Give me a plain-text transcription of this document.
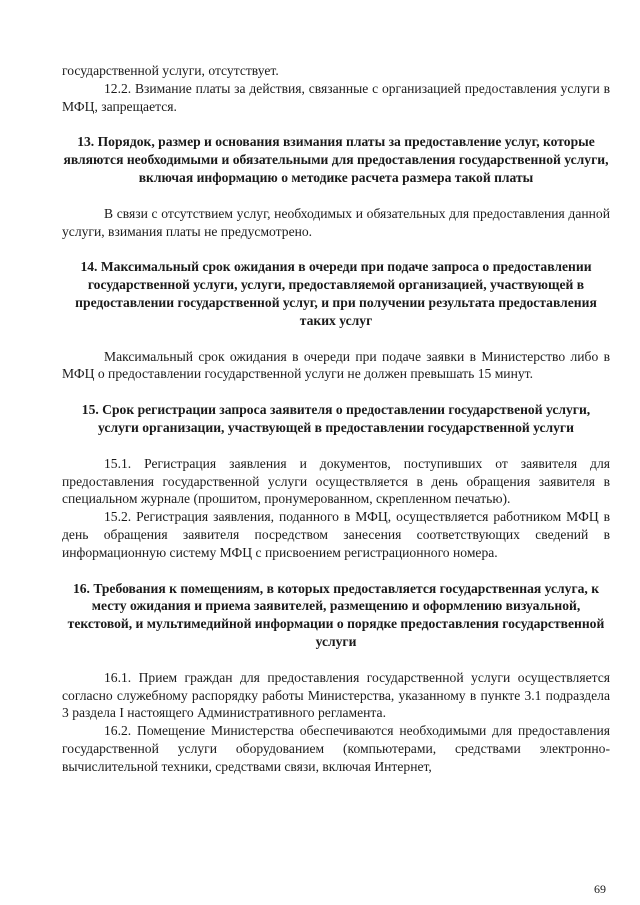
государственной услуги, отсутствует.

12.2. Взимание платы за действия, связанные с организацией предоставления услуги в МФЦ, запрещается.

13. Порядок, размер и основания взимания платы за предоставление услуг, которые являются необходимыми и обязательными для предоставления государственной услуги, включая информацию о методике расчета размера такой платы

В связи с отсутствием услуг, необходимых и обязательных для предоставления данной услуги, взимания платы не предусмотрено.

14. Максимальный срок ожидания в очереди при подаче запроса о предоставлении государственной услуги, услуги, предоставляемой организацией, участвующей в предоставлении государственной услуг, и при получении результата предоставления таких услуг

Максимальный срок ожидания в очереди при подаче заявки в Министерство либо в МФЦ о предоставлении государственной услуги не должен превышать 15 минут.

15. Срок регистрации запроса заявителя о предоставлении государственой услуги, услуги организации, участвующей в предоставлении государственной услуги

15.1. Регистрация заявления и документов, поступивших от заявителя для предоставления государственной услуги осуществляется в день обращения заявителя в специальном журнале (прошитом, пронумерованном, скрепленном печатью).

15.2. Регистрация заявления, поданного в МФЦ, осуществляется работником МФЦ в день обращения заявителя посредством занесения соответствующих сведений в информационную систему МФЦ с присвоением регистрационного номера.

16. Требования к помещениям, в которых предоставляется государственная услуга, к месту ожидания и приема заявителей, размещению и оформлению визуальной, текстовой, и мультимедийной информации о порядке предоставления государственной услуги

16.1. Прием граждан для предоставления государственной услуги осуществляется согласно служебному распорядку работы Министерства, указанному в пункте 3.1 подраздела 3 раздела I настоящего Административного регламента.

16.2. Помещение Министерства обеспечиваются необходимыми для предоставления государственной услуги оборудованием (компьютерами, средствами электронно-вычислительной техники, средствами связи, включая Интернет,

69
